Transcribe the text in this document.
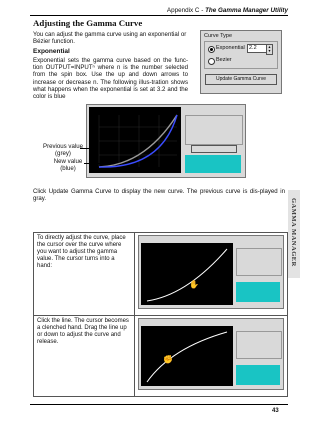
Appendix C - The Gamma Manager Utility
Adjusting the Gamma Curve
You can adjust the gamma curve using an exponential or Bézier function.
Exponential
Exponential sets the gamma curve based on the func-tion OUTPUT=INPUTⁿ where n is the number selected from the spin box. Use the up and down arrows to increase or decrease n. The following illus-tration shows what happens when the exponential is set at 3.2 and the color is blue
Curve Type
Exponential 2.2	▲
▼
Bezier
Update Gamma Curve
Previous value
(grey)
New value
(blue)
Click Update Gamma Curve to display the new curve. The previous curve is dis-played in gray.
To directly adjust the curve, place the cursor over the curve where you want to adjust the gamma value. The cursor turns into a hand:	✋

Click the line. The cursor becomes a clenched hand. Drag the line up or down to adjust the curve and release.	✊
GAMMA MANAGER
43
